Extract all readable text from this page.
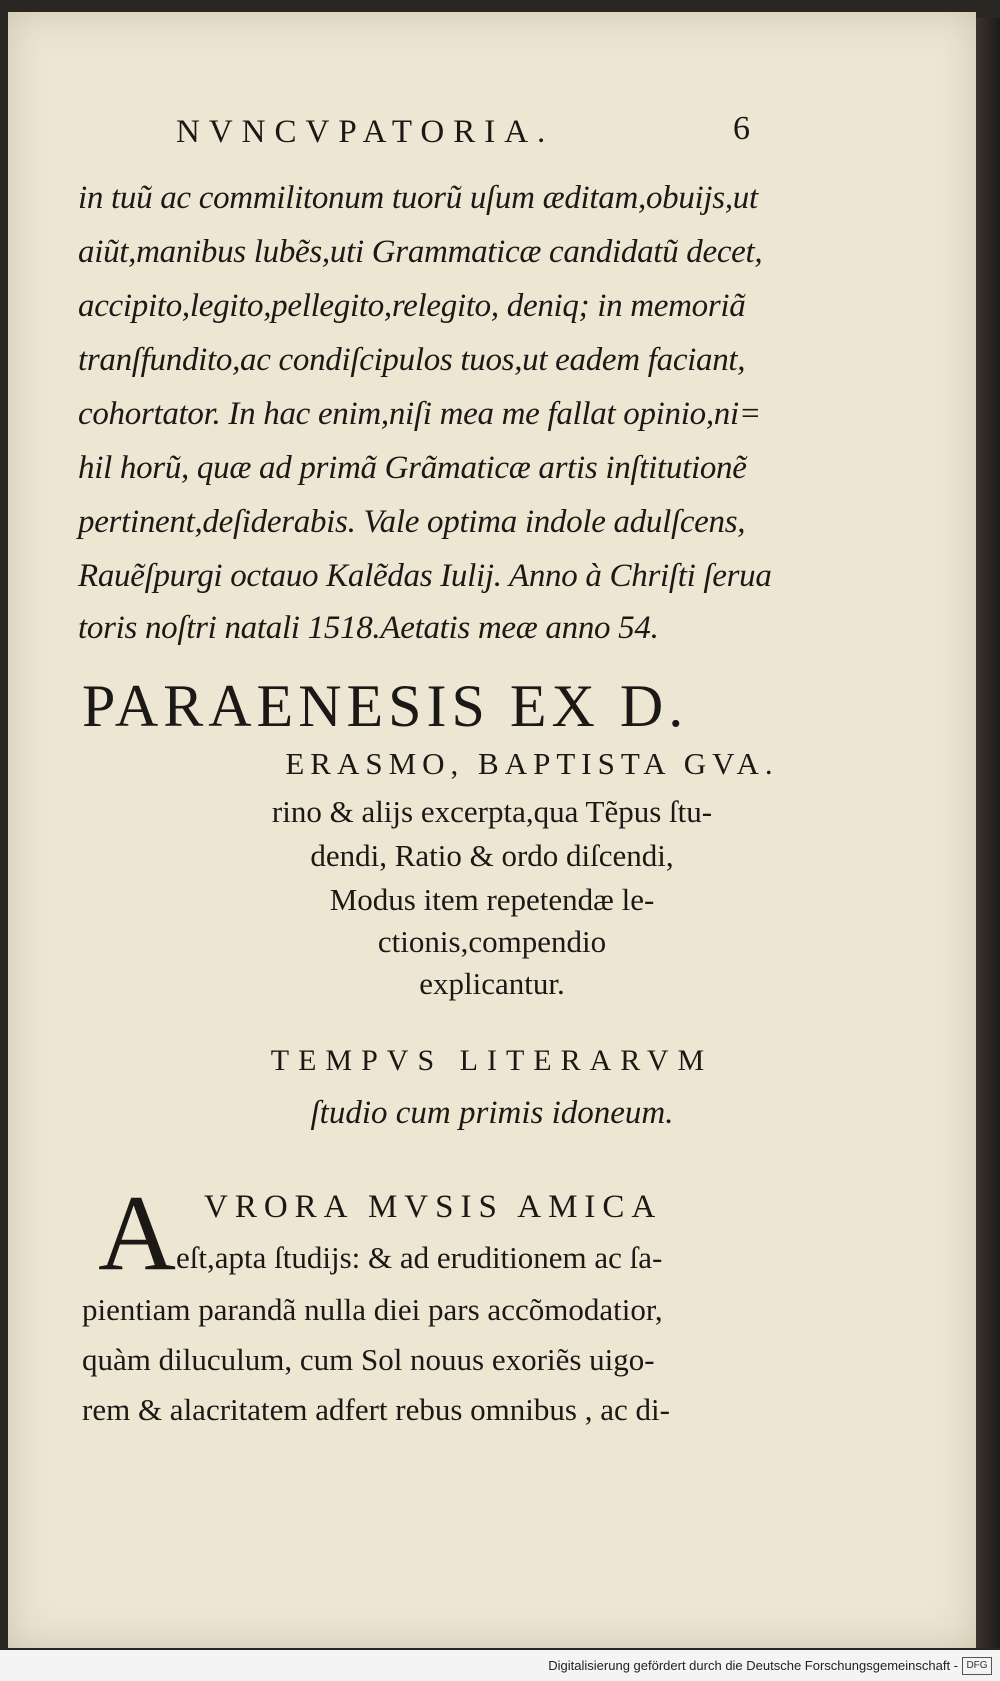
NVNCVPATORIA.	6
in tuũ ac commilitonum tuorũ uſum æditam,obuijs,ut
aiũt,manibus lubẽs,uti Grammaticæ candidatũ decet,
accipito,legito,pellegito,relegito, deniq; in memoriã
tranſfundito,ac condiſcipulos tuos,ut eadem faciant,
cohortator. In hac enim,niſi mea me fallat opinio,ni=
hil horũ, quæ ad primã Grãmaticæ artis inſtitutionẽ
pertinent,deſiderabis. Vale optima indole adulſcens,
Rauẽſpurgi octauo Kalẽdas Iulij. Anno à Chriſti ſerua
toris noſtri natali 1518.Aetatis meæ anno 54.
PARAENESIS EX D.
ERASMO, BAPTISTA GVA.
rino & alijs excerpta,qua Tẽpus ſtu-
dendi, Ratio & ordo diſcendi,
Modus item repetendæ le-
ctionis,compendio
explicantur.
TEMPVS LITERARVM
ſtudio cum primis idoneum.
A VRORA MVSIS AMICA
eſt,apta ſtudijs: & ad eruditionem ac ſa-
pientiam parandã nulla diei pars accõmodatior,
quàm diluculum, cum Sol nouus exoriẽs uigo-
rem & alacritatem adfert rebus omnibus , ac di-
Digitalisierung gefördert durch die Deutsche Forschungsgemeinschaft - DFG
